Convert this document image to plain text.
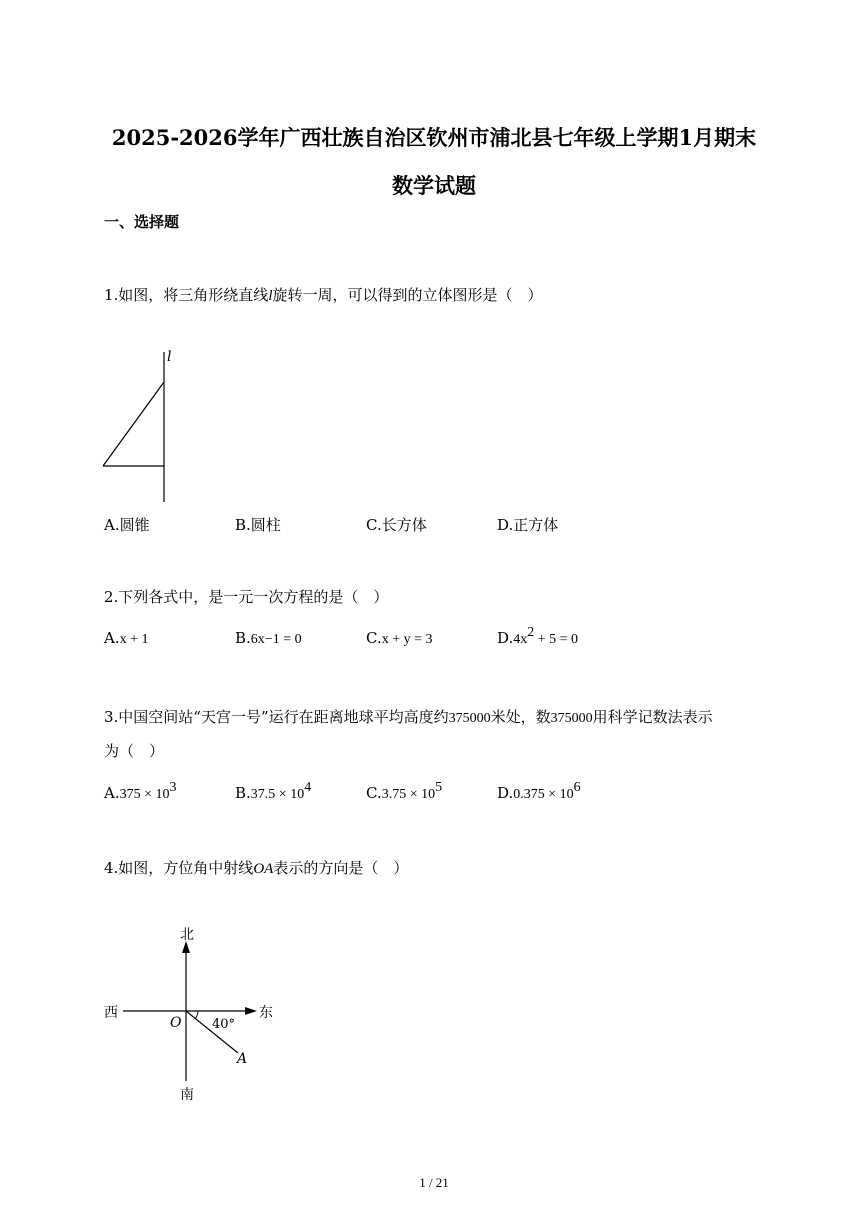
2025-2026学年广西壮族自治区钦州市浦北县七年级上学期1月期末
数学试题
一、选择题
1.如图，将三角形绕直线l旋转一周，可以得到的立体图形是（　）
l
A.圆锥	B.圆柱	C.长方体	D.正方体
2.下列各式中，是一元一次方程的是（　）
A.x + 1	B.6x−1 = 0	C.x + y = 3	$D.4x^2 + 5 = 0$
3.中国空间站“天宫一号”运行在距离地球平均高度约375000米处，数375000用科学记数法表示
为（　）
$A.375 \times 10^3$	$B.37.5 \times 10^4$	$C.3.75 \times 10^5$	$D.0.375 \times 10^6$
4.如图，方位角中射线OA表示的方向是（　）
北
南
东
西
O
A
40°
1 / 21
